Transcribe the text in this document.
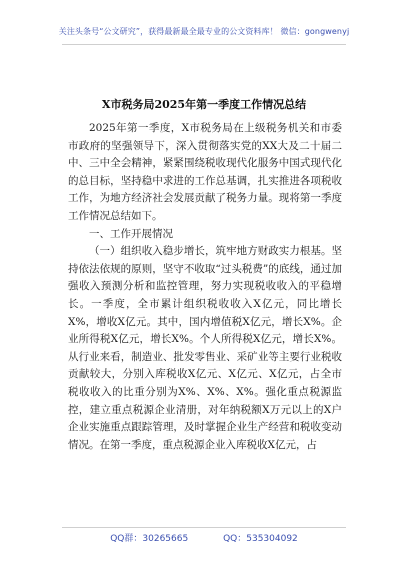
关注头条号“公文研究”，获得最新最全最专业的公文资料库！ 微信：gongwenyj
X市税务局2025年第一季度工作情况总结

2025年第一季度，X市税务局在上级税务机关和市委市政府的坚强领导下，深入贯彻落实党的XX大及二十届二中、三中全会精神，紧紧围绕税收现代化服务中国式现代化的总目标，坚持稳中求进的工作总基调，扎实推进各项税收工作，为地方经济社会发展贡献了税务力量。现将第一季度工作情况总结如下。

一、工作开展情况

（一）组织收入稳步增长，筑牢地方财政实力根基。坚持依法依规的原则，坚守不收取“过头税费”的底线，通过加强收入预测分析和监控管理，努力实现税收收入的平稳增长。一季度，全市累计组织税收收入X亿元，同比增长X%，增收X亿元。其中，国内增值税X亿元，增长X%。企业所得税X亿元，增长X%。个人所得税X亿元，增长X%。从行业来看，制造业、批发零售业、采矿业等主要行业税收贡献较大，分别入库税收X亿元、X亿元、X亿元，占全市税收收入的比重分别为X%、X%、X%。强化重点税源监控，建立重点税源企业清册，对年纳税额X万元以上的X户企业实施重点跟踪管理，及时掌握企业生产经营和税收变动情况。在第一季度，重点税源企业入库税收X亿元，占

QQ群：30265665	QQ：535304092
